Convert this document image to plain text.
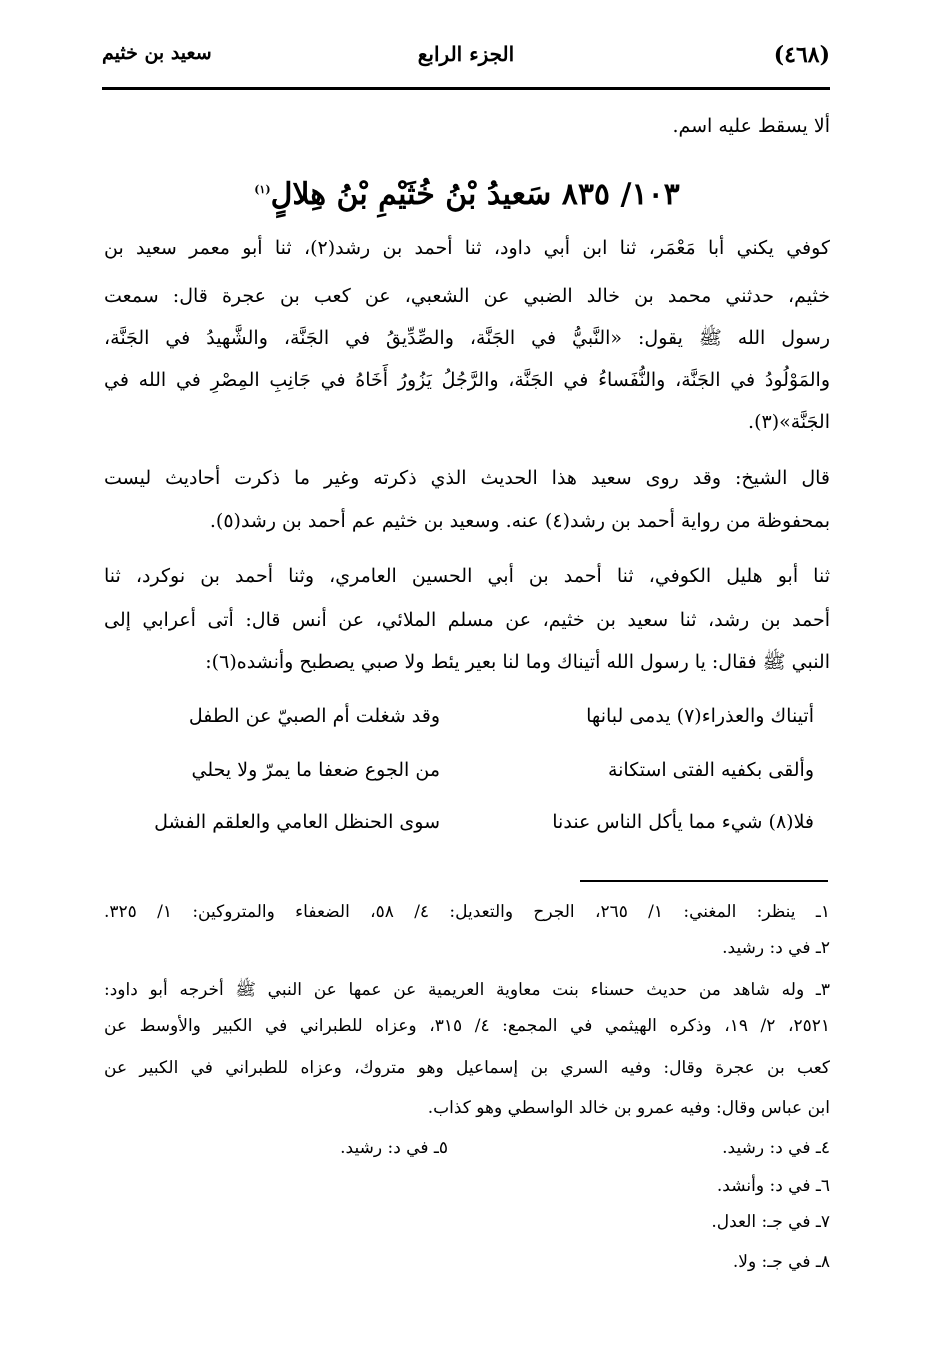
(٤٦٨)
الجزء الرابع
سعيد بن خثيم
ألا يسقط عليه اسم.
١٠٣/ ٨٣٥ سَعيدُ بْنُ خُثَيْمِ بْنُ هِلالٍ$^{(١)}$
كوفي يكني أبا مَعْمَر، ثنا ابن أبي داود، ثنا أحمد بن رشد(٢)، ثنا أبو معمر سعيد بن
خثيم، حدثني محمد بن خالد الضبي عن الشعبي، عن كعب بن عجرة قال: سمعت
رسول الله ﷺ يقول: «النَّبيُّ في الجَنَّة، والصِّدِّيقُ في الجَنَّة، والشَّهيدُ في الجَنَّة،
والمَوْلُودُ في الجَنَّة، والنُّفَساءُ في الجَنَّة، والرَّجُلُ يَزُورُ أَخَاهُ في جَانِبِ المِصْرِ في الله في
الجَنَّة»(٣).
قال الشيخ: وقد روى سعيد هذا الحديث الذي ذكرته وغير ما ذكرت أحاديث ليست
بمحفوظة من رواية أحمد بن رشد(٤) عنه. وسعيد بن خثيم عم أحمد بن رشد(٥).
ثنا أبو هليل الكوفي، ثنا أحمد بن أبي الحسين العامري، وثنا أحمد بن نوكرد، ثنا
أحمد بن رشد، ثنا سعيد بن خثيم، عن مسلم الملائي، عن أنس قال: أتى أعرابي إلى
النبي ﷺ فقال: يا رسول الله أتيناك وما لنا بعير يئط ولا صبي يصطبح وأنشده(٦):
أتيناك والعذراء(٧) يدمى لبانها
وقد شغلت أم الصبيّ عن الطفل
وألقى بكفيه الفتى استكانة
من الجوع ضعفا ما يمرّ ولا يحلي
فلا(٨) شيء مما يأكل الناس عندنا
سوى الحنظل العامي والعلقم الفشل
١ـ ينظر: المغني: ١/ ٢٦٥، الجرح والتعديل: ٤/ ٥٨، الضعفاء والمتروكين: ١/ ٣٢٥.
٢ـ في د: رشيد.
٣ـ وله شاهد من حديث حسناء بنت معاوية العريمية عن عمها عن النبي ﷺ أخرجه أبو داود:
٢٥٢١، ٢/ ١٩، وذكره الهيثمي في المجمع: ٤/ ٣١٥، وعزاه للطبراني في الكبير والأوسط عن
كعب بن عجرة وقال: وفيه السري بن إسماعيل وهو متروك، وعزاه للطبراني في الكبير عن
ابن عباس وقال: وفيه عمرو بن خالد الواسطي وهو كذاب.
٤ـ في د: رشيد.
٥ـ في د: رشيد.
٦ـ في د: وأنشد.
٧ـ في جـ: العدل.
٨ـ في جـ: ولا.
